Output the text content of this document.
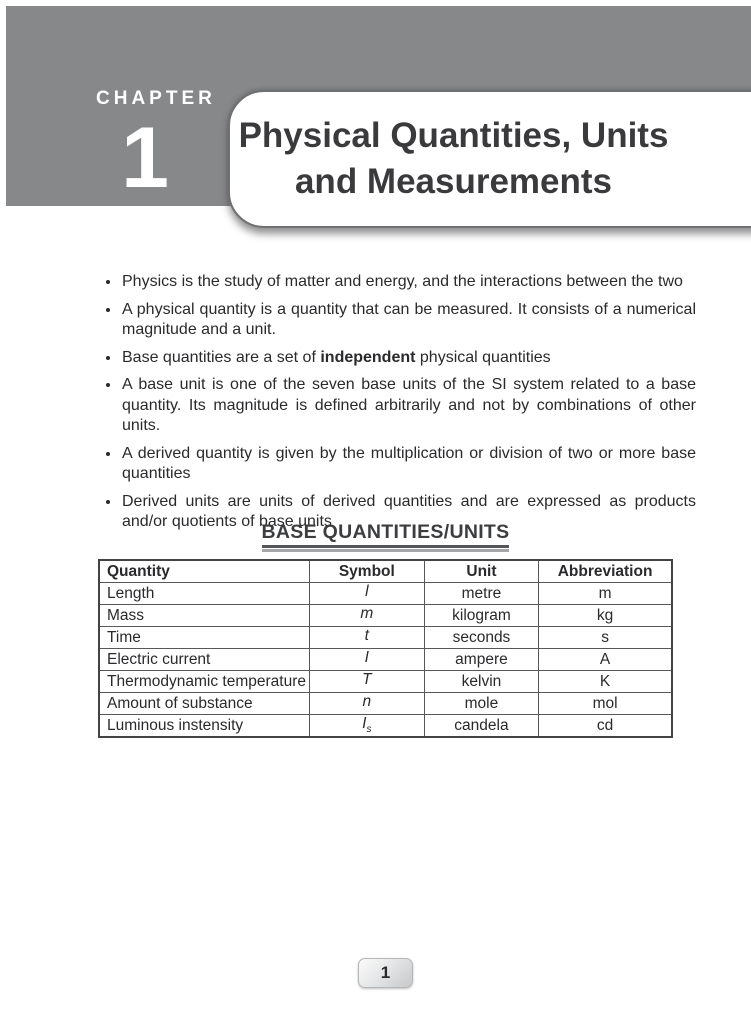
CHAPTER
1	Physical Quantities, Units
and Measurements
• Physics is the study of matter and energy, and the interactions between the two
• A physical quantity is a quantity that can be measured. It consists of a numerical magnitude and a unit.
• Base quantities are a set of independent physical quantities
• A base unit is one of the seven base units of the SI system related to a base quantity. Its magnitude is defined arbitrarily and not by combinations of other units.
• A derived quantity is given by the multiplication or division of two or more base quantities
• Derived units are units of derived quantities and are expressed as products and/or quotients of base units
BASE QUANTITIES/UNITS
Quantity	Symbol	Unit	Abbreviation
Length	l	metre	m
Mass	m	kilogram	kg
Time	t	seconds	s
Electric current	I	ampere	A
Thermodynamic temperature	T	kelvin	K
Amount of substance	n	mole	mol
Luminous instensity	$I_s$	candela	cd
1
